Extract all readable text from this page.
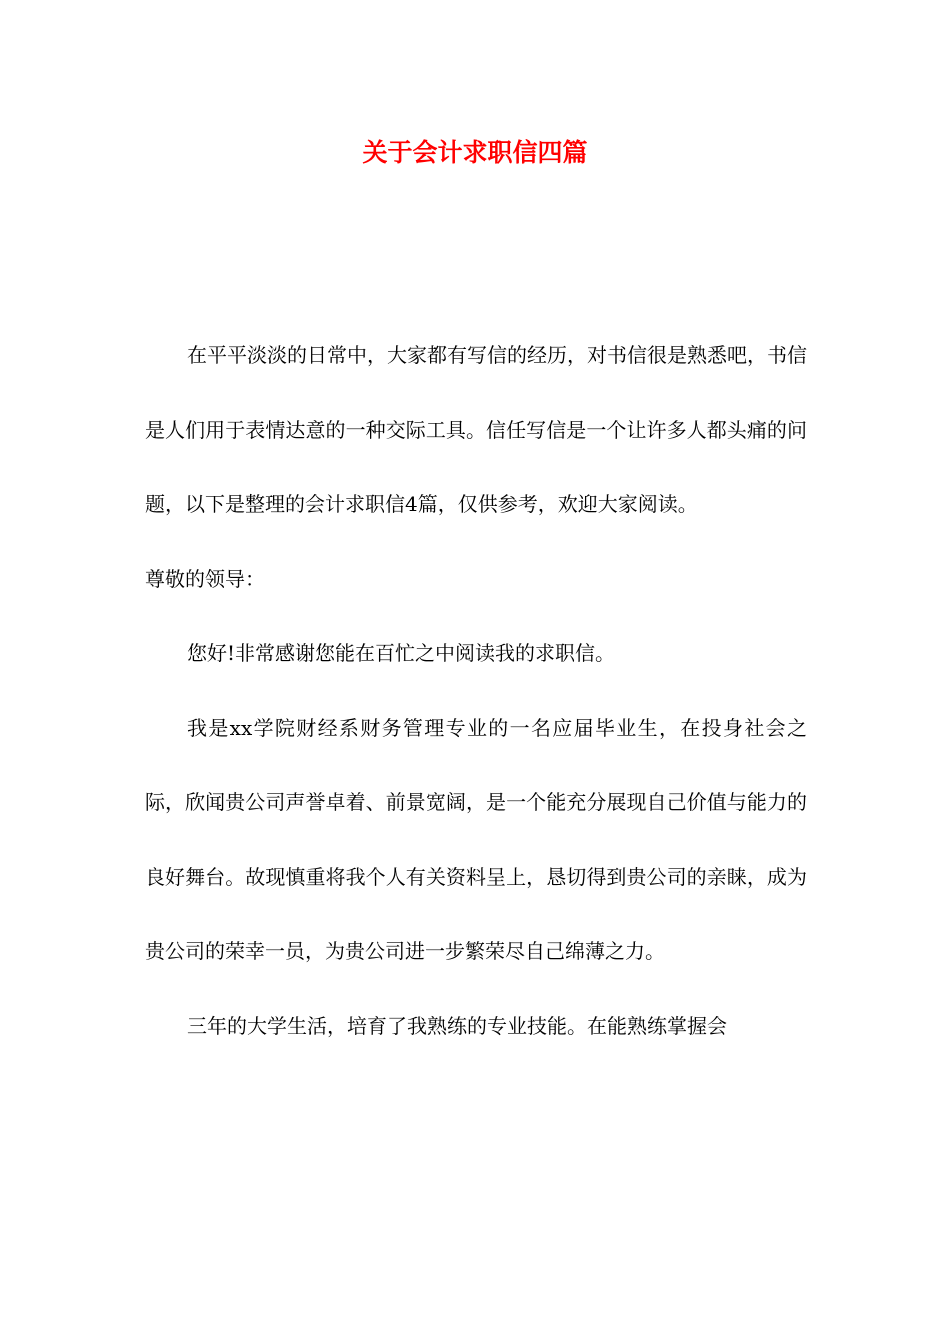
关于会计求职信四篇

在平平淡淡的日常中，大家都有写信的经历，对书信很是熟悉吧，书信是人们用于表情达意的一种交际工具。信任写信是一个让许多人都头痛的问题，以下是整理的会计求职信4篇，仅供参考，欢迎大家阅读。

尊敬的领导：

您好!非常感谢您能在百忙之中阅读我的求职信。

我是xx学院财经系财务管理专业的一名应届毕业生，在投身社会之际，欣闻贵公司声誉卓着、前景宽阔，是一个能充分展现自己价值与能力的良好舞台。故现慎重将我个人有关资料呈上，恳切得到贵公司的亲睐，成为贵公司的荣幸一员，为贵公司进一步繁荣尽自己绵薄之力。

三年的大学生活，培育了我熟练的专业技能。在能熟练掌握会
